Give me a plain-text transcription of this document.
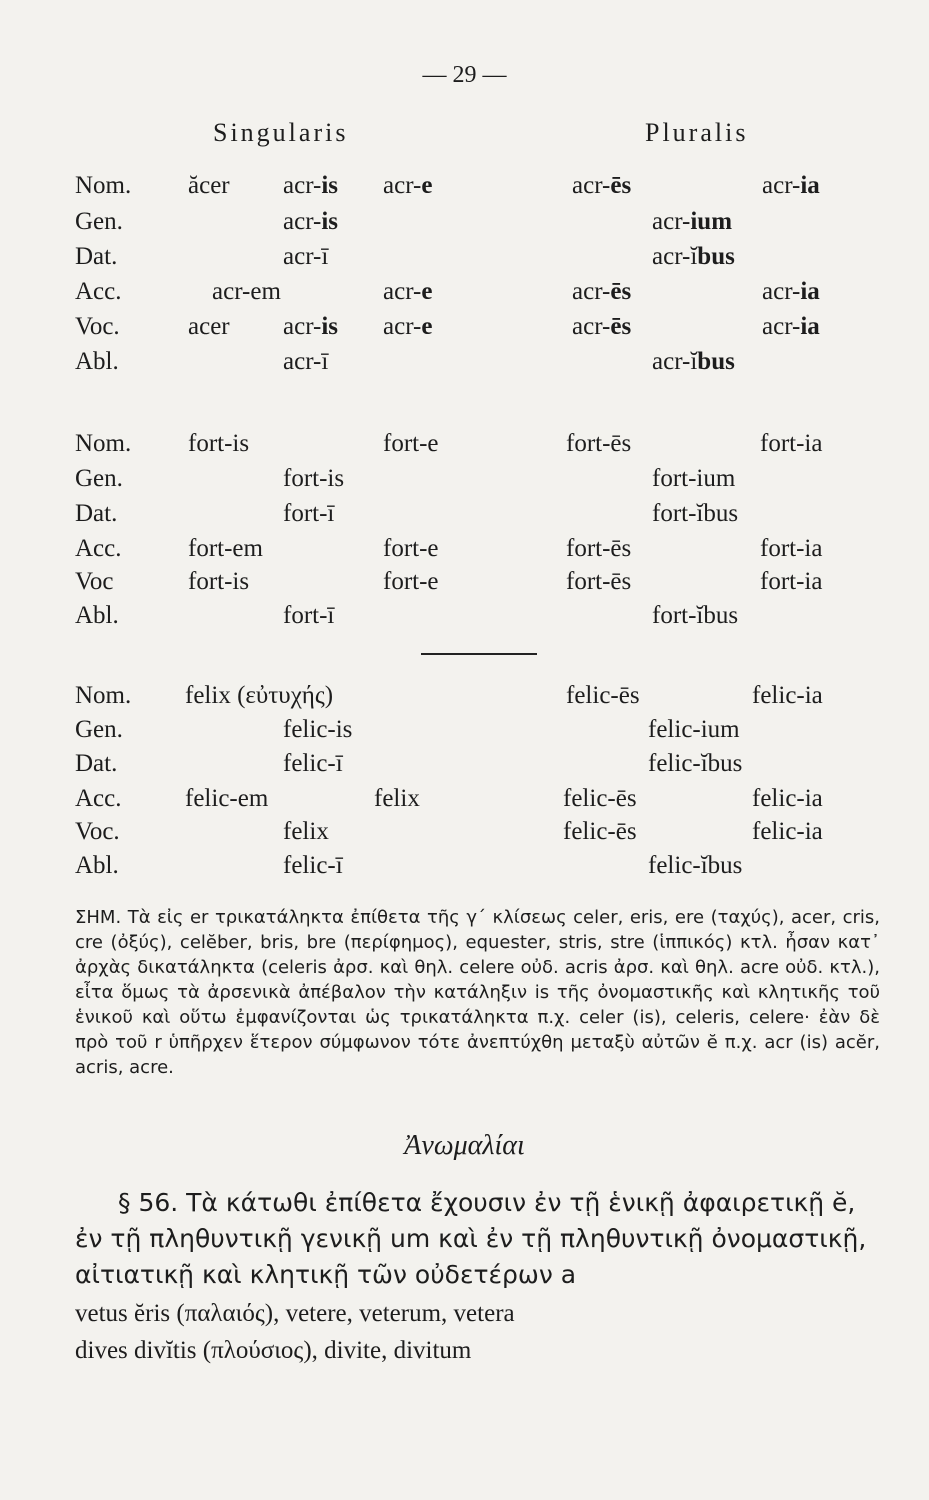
— 29 —
Singularis	Pluralis
Nom. ăcer acr-is acr-e	acr-ēs	acr-ia
Gen.	acr-is	acr-ium
Dat.	acr-ī	acr-ĭbus
Acc.	acr-em	acr-e	acr-ēs	acr-ia
Voc.	acer acr-is acr-e	acr-ēs	acr-ia
Abl.	acr-ī	acr-ĭbus
Nom. fort-is	fort-e	fort-ēs	fort-ia
Gen.	fort-is	fort-ium
Dat.	fort-ī	fort-ĭbus
Acc.	fort-em	fort-e	fort-ēs	fort-ia
Voc	fort-is	fort-e	fort-ēs	fort-ia
Abl.	fort-ī	fort-ĭbus
Nom. felix (εὐτυχής)	felic-ēs	felic-ia
Gen.	felic-is	felic-ium
Dat.	felic-ī	felic-ĭbus
Acc.	felic-em	felix	felic-ēs	felic-ia
Voc.	felix	felic-ēs	felic-ia
Abl.	felic-ī	felic-ĭbus
ΣΗΜ. Τὰ εἰς er τρικατάληκτα ἐπίθετα τῆς γ΄ κλίσεως celer, eris, ere (ταχύς), acer, cris, cre (ὀξύς), celĕber, bris, bre (περίφημος), equester, stris, stre (ἱππικός) κτλ. ἦσαν κατ᾽ ἀρχὰς δικατάληκτα (celeris ἀρσ. καὶ θηλ. celere οὐδ. acris ἀρσ. καὶ θηλ. acre οὐδ. κτλ.), εἶτα ὅμως τὰ ἀρσενικὰ ἀπέβαλον τὴν κατάληξιν is τῆς ὀνομαστικῆς καὶ κλητικῆς τοῦ ἑνικοῦ καὶ οὕτω ἐμφανίζονται ὡς τρικατάληκτα π.χ. celer (is), celeris, celere· ἐὰν δὲ πρὸ τοῦ r ὑπῆρχεν ἕτερον σύμφωνον τότε ἀνεπτύχθη μεταξὺ αὐτῶν ĕ π.χ. acr (is) acĕr, acris, acre.
Ἀνωμαλίαι
§ 56. Τὰ κάτωθι ἐπίθετα ἔχουσιν ἐν τῇ ἑνικῇ ἀφαιρετικῇ ĕ, ἐν τῇ πληθυντικῇ γενικῇ um καὶ ἐν τῇ πληθυντικῇ ὀνομαστικῇ, αἰτιατικῇ καὶ κλητικῇ τῶν οὐδετέρων a
vetus ĕris (παλαιός), vetere, veterum, vetera
dives divĭtis (πλούσιος), divite, divitum
